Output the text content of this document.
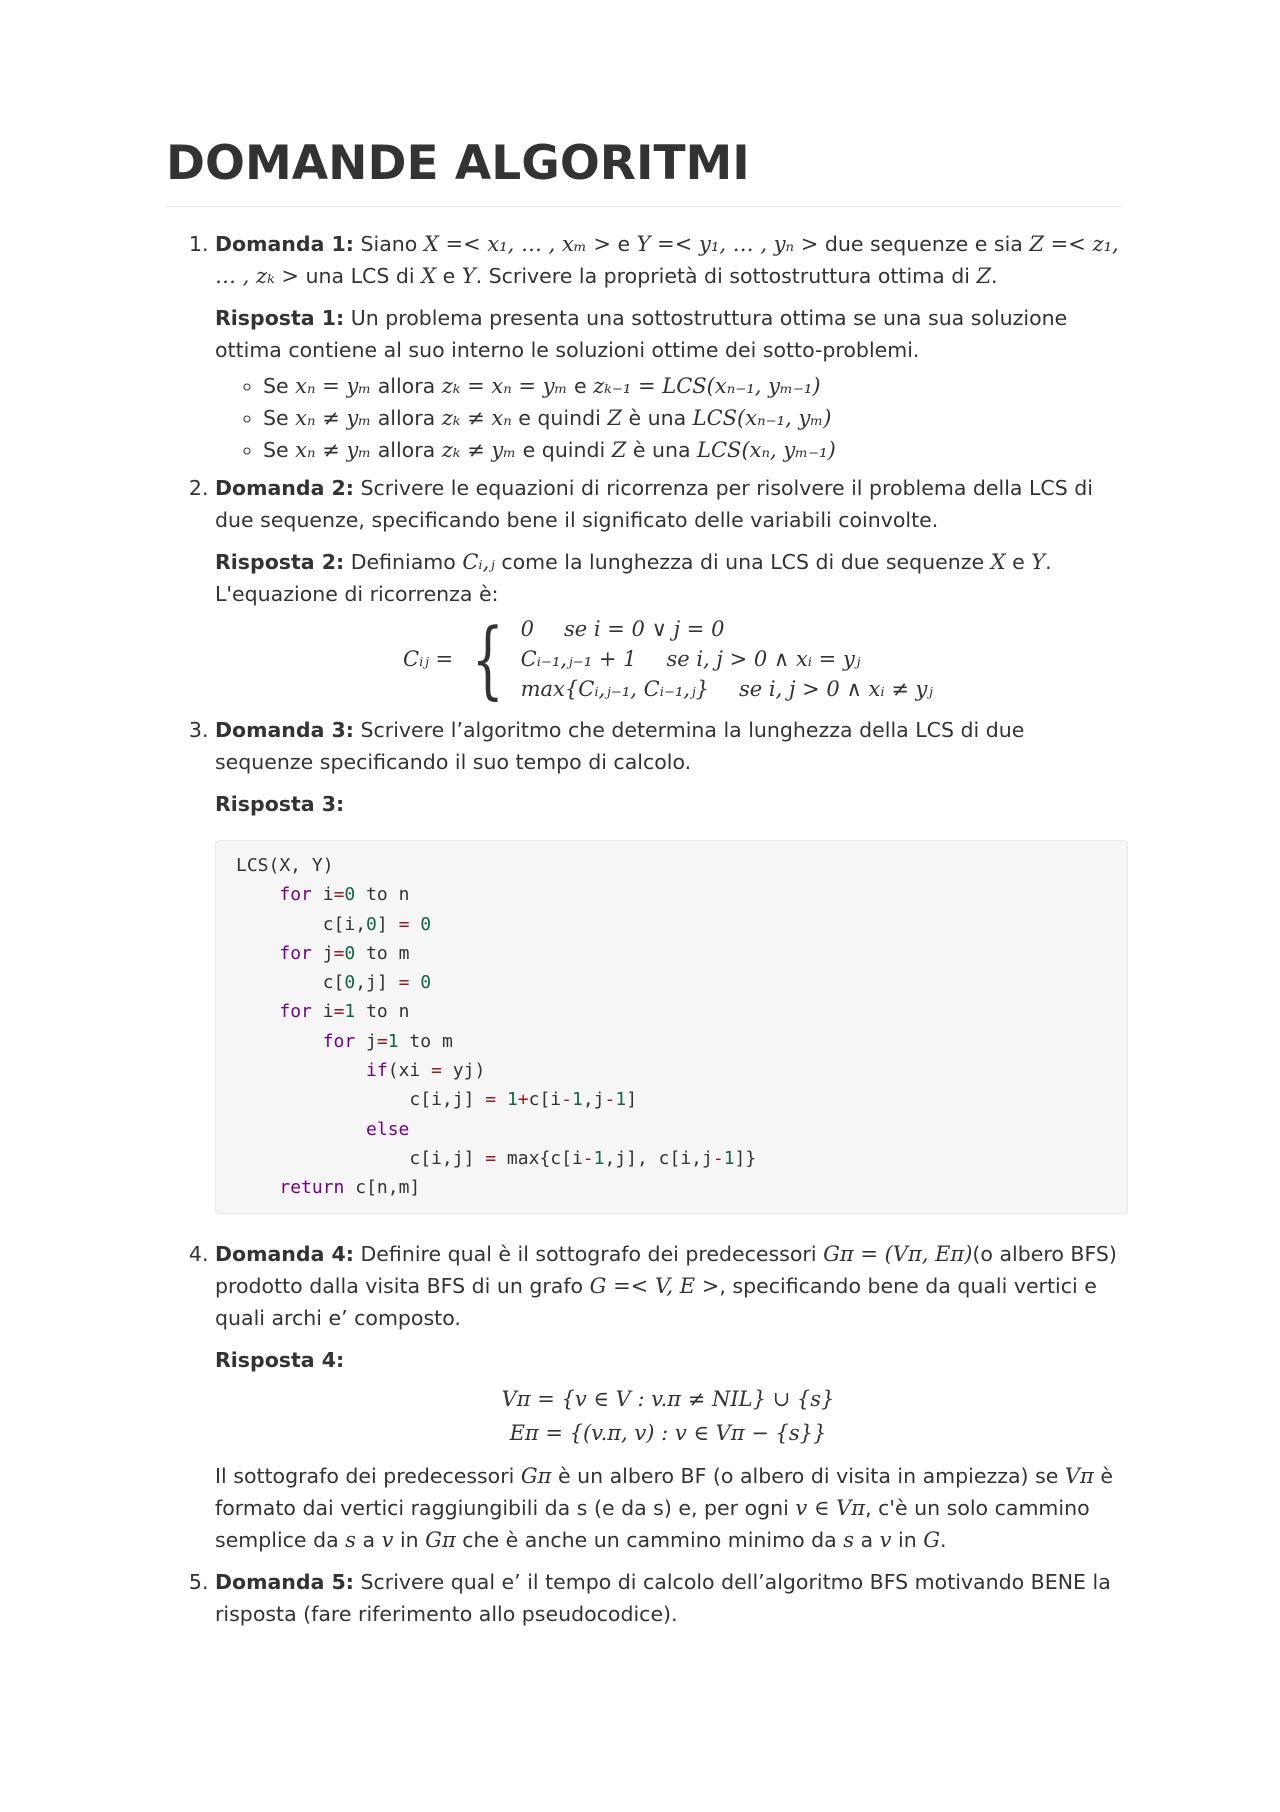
DOMANDE ALGORITMI

1. Domanda 1: Siano X =< x₁, … , xₘ > e Y =< y₁, … , yₙ > due sequenze e sia Z =< z₁, … , zₖ > una LCS di X e Y. Scrivere la proprietà di sottostruttura ottima di Z.

Risposta 1: Un problema presenta una sottostruttura ottima se una sua soluzione ottima contiene al suo interno le soluzioni ottime dei sotto-problemi.

◦ Se xₙ = yₘ allora zₖ = xₙ = yₘ e zₖ₋₁ = LCS(xₙ₋₁, yₘ₋₁)
◦ Se xₙ ≠ yₘ allora zₖ ≠ xₙ e quindi Z è una LCS(xₙ₋₁, yₘ)
◦ Se xₙ ≠ yₘ allora zₖ ≠ yₘ e quindi Z è una LCS(xₙ, yₘ₋₁)

2. Domanda 2: Scrivere le equazioni di ricorrenza per risolvere il problema della LCS di due sequenze, specificando bene il significato delle variabili coinvolte.

Risposta 2: Definiamo Cᵢ,ⱼ come la lunghezza di una LCS di due sequenze X e Y.
L'equazione di ricorrenza è:

Cᵢⱼ = { 0 se i = 0 ∨ j = 0
Cᵢ₋₁,ⱼ₋₁ + 1 se i, j > 0 ∧ xᵢ = yⱼ
max{Cᵢ,ⱼ₋₁, Cᵢ₋₁,ⱼ} se i, j > 0 ∧ xᵢ ≠ yⱼ

3. Domanda 3: Scrivere l’algoritmo che determina la lunghezza della LCS di due sequenze specificando il suo tempo di calcolo.

Risposta 3:

LCS(X, Y)
for i=0 to n
c[i,0] = 0
for j=0 to m
c[0,j] = 0
for i=1 to n
for j=1 to m
if(xi = yj)
c[i,j] = 1+c[i-1,j-1]
else
c[i,j] = max{c[i-1,j], c[i,j-1]}
return c[n,m]

4. Domanda 4: Definire qual è il sottografo dei predecessori Gπ = (Vπ, Eπ)(o albero BFS) prodotto dalla visita BFS di un grafo G =< V, E >, specificando bene da quali vertici e quali archi e’ composto.

Risposta 4:

Vπ = {v ∈ V : v.π ≠ NIL} ∪ {s}
Eπ = {(v.π, v) : v ∈ Vπ − {s}}

Il sottografo dei predecessori Gπ è un albero BF (o albero di visita in ampiezza) se Vπ è formato dai vertici raggiungibili da s (e da s) e, per ogni v ∈ Vπ, c'è un solo cammino semplice da s a v in Gπ che è anche un cammino minimo da s a v in G.

5. Domanda 5: Scrivere qual e’ il tempo di calcolo dell’algoritmo BFS motivando BENE la risposta (fare riferimento allo pseudocodice).
